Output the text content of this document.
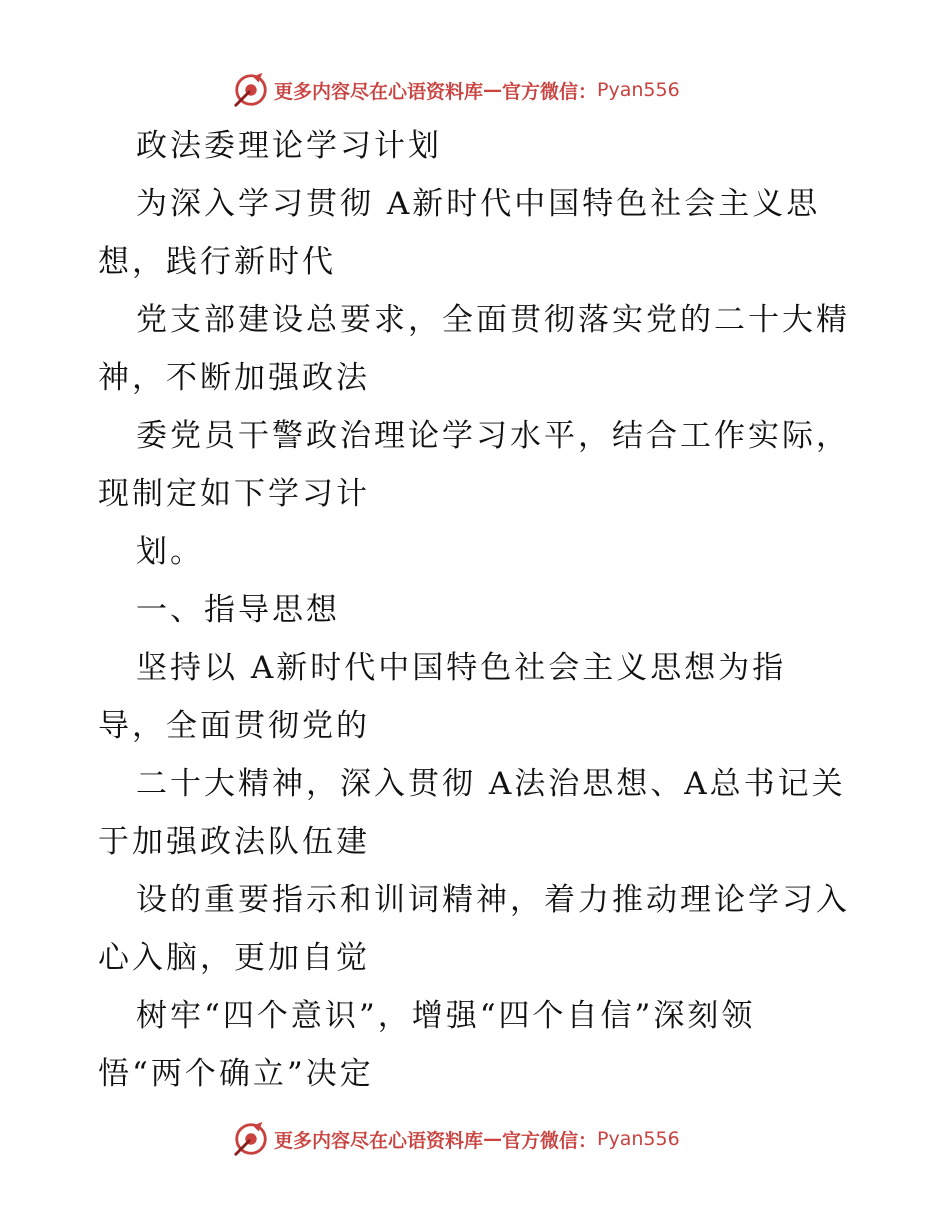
更多内容尽在心语资料库 — 官方微信： Pyan556
政法委理论学习计划
为深入学习贯彻 A新时代中国特色社会主义思
想，践行新时代
党支部建设总要求，全面贯彻落实党的二十大精
神，不断加强政法
委党员干警政治理论学习水平，结合工作实际，
现制定如下学习计
划。
一、指导思想
坚持以 A新时代中国特色社会主义思想为指
导，全面贯彻党的
二十大精神，深入贯彻 A法治思想、A总书记关
于加强政法队伍建
设的重要指示和训词精神，着力推动理论学习入
心入脑，更加自觉
树牢“四个意识”，增强“四个自信”深刻领
悟“两个确立”决定
更多内容尽在心语资料库 — 官方微信： Pyan556
